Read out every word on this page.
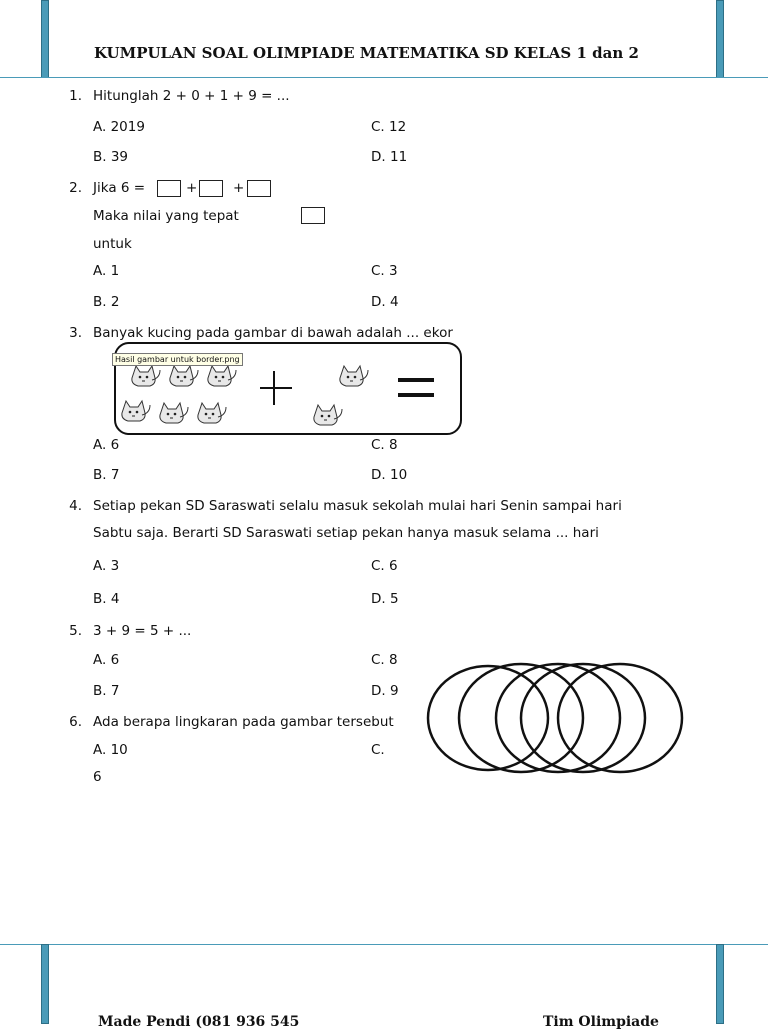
KUMPULAN SOAL OLIMPIADE MATEMATIKA SD KELAS 1 dan 2
1. Hitunglah 2 + 0 + 1 + 9 = ...
A. 2019	C. 12
B. 39	D. 11
2. Jika 6 =	+	+
Maka nilai yang tepat
untuk
A. 1	C. 3
B. 2	D. 4
3. Banyak kucing pada gambar di bawah adalah ... ekor
Hasil gambar untuk border.png
A. 6	C. 8
B. 7	D. 10
4. Setiap pekan SD Saraswati selalu masuk sekolah mulai hari Senin sampai hari
Sabtu saja. Berarti SD Saraswati setiap pekan hanya masuk selama ... hari
A. 3	C. 6
B. 4	D. 5
5. 3 + 9 = 5 + ...
A. 6	C. 8
B. 7	D. 9
6. Ada berapa lingkaran pada gambar tersebut
A. 10	C.
6
Made Pendi (081 936 545	Tim Olimpiade
